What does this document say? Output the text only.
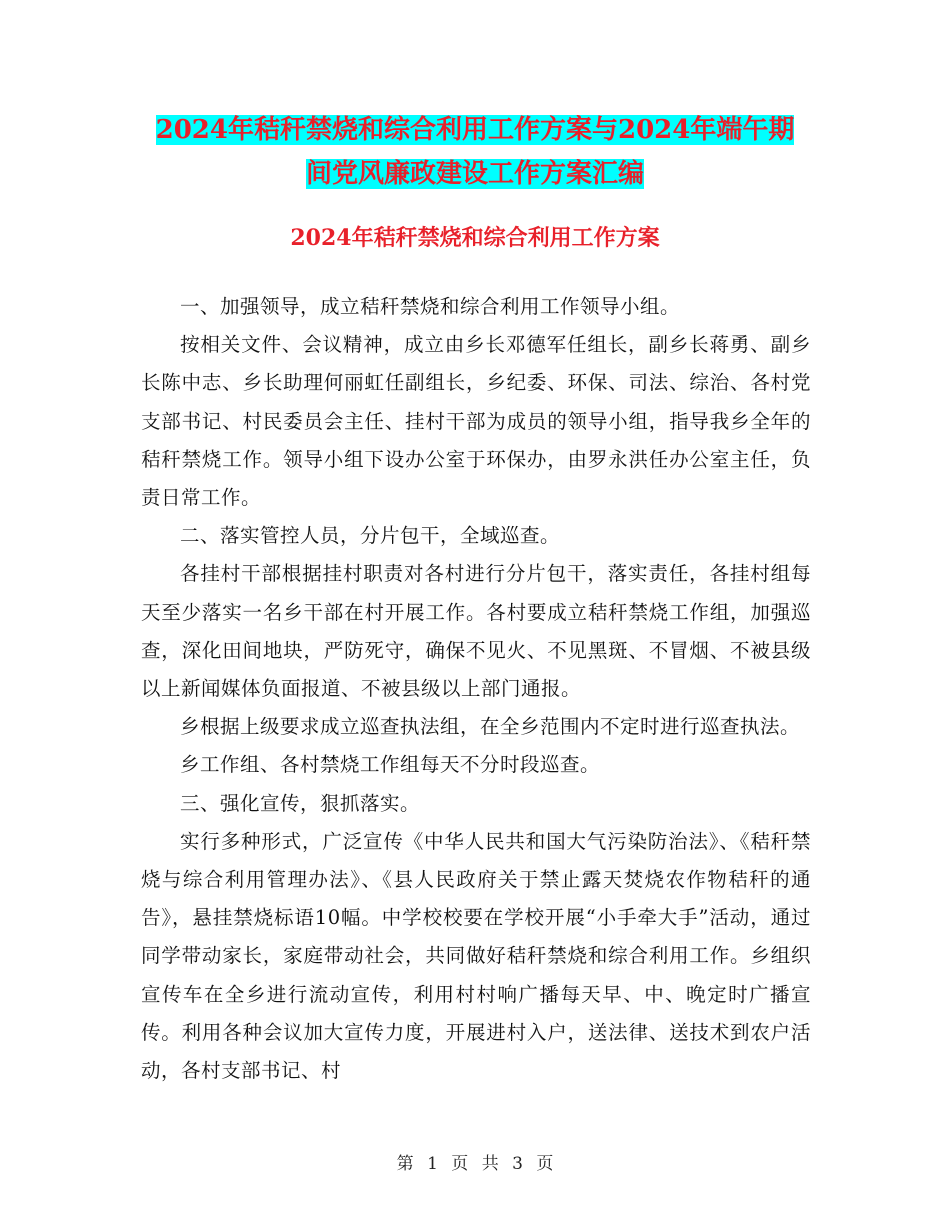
2024年秸秆禁烧和综合利用工作方案与2024年端午期
间党风廉政建设工作方案汇编
2024年秸秆禁烧和综合利用工作方案

一、加强领导，成立秸秆禁烧和综合利用工作领导小组。

按相关文件、会议精神，成立由乡长邓德军任组长，副乡长蒋勇、副乡长陈中志、乡长助理何丽虹任副组长，乡纪委、环保、司法、综治、各村党支部书记、村民委员会主任、挂村干部为成员的领导小组，指导我乡全年的秸秆禁烧工作。领导小组下设办公室于环保办，由罗永洪任办公室主任，负责日常工作。

二、落实管控人员，分片包干，全域巡查。

各挂村干部根据挂村职责对各村进行分片包干，落实责任，各挂村组每天至少落实一名乡干部在村开展工作。各村要成立秸秆禁烧工作组，加强巡查，深化田间地块，严防死守，确保不见火、不见黑斑、不冒烟、不被县级以上新闻媒体负面报道、不被县级以上部门通报。

乡根据上级要求成立巡查执法组，在全乡范围内不定时进行巡查执法。

乡工作组、各村禁烧工作组每天不分时段巡查。

三、强化宣传，狠抓落实。

实行多种形式，广泛宣传《中华人民共和国大气污染防治法》、《秸秆禁烧与综合利用管理办法》、《县人民政府关于禁止露天焚烧农作物秸秆的通告》，悬挂禁烧标语10幅。中学校校要在学校开展“小手牵大手”活动，通过同学带动家长，家庭带动社会，共同做好秸秆禁烧和综合利用工作。乡组织宣传车在全乡进行流动宣传，利用村村响广播每天早、中、晚定时广播宣传。利用各种会议加大宣传力度，开展进村入户，送法律、送技术到农户活动，各村支部书记、村

第 1 页 共 3 页
